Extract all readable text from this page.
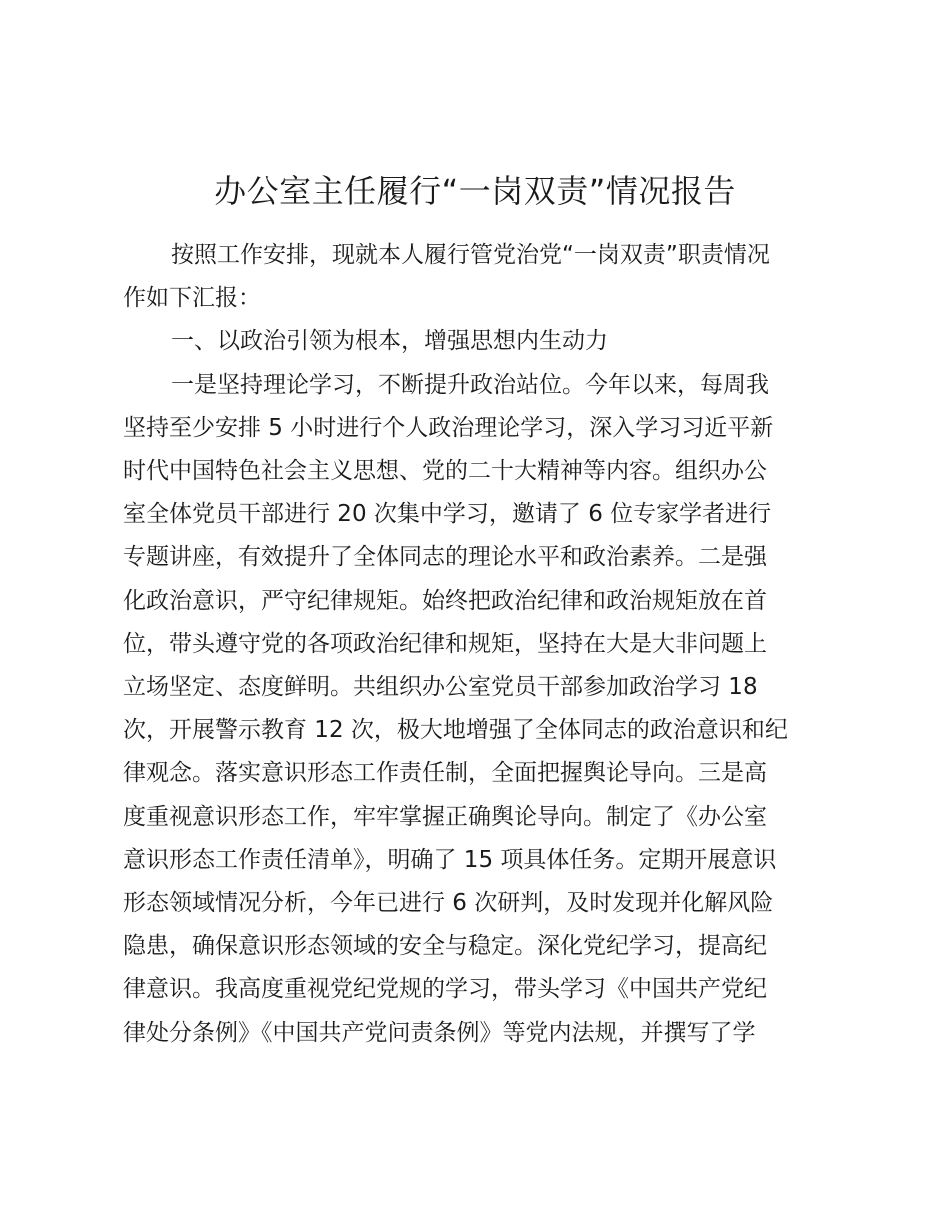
办公室主任履行“一岗双责”情况报告
按照工作安排，现就本人履行管党治党“一岗双责”职责情况
作如下汇报：
一、以政治引领为根本，增强思想内生动力
一是坚持理论学习，不断提升政治站位。今年以来，每周我
坚持至少安排 5 小时进行个人政治理论学习，深入学习习近平新
时代中国特色社会主义思想、党的二十大精神等内容。组织办公
室全体党员干部进行 20 次集中学习，邀请了 6 位专家学者进行
专题讲座，有效提升了全体同志的理论水平和政治素养。二是强
化政治意识，严守纪律规矩。始终把政治纪律和政治规矩放在首
位，带头遵守党的各项政治纪律和规矩，坚持在大是大非问题上
立场坚定、态度鲜明。共组织办公室党员干部参加政治学习 18
次，开展警示教育 12 次，极大地增强了全体同志的政治意识和纪
律观念。落实意识形态工作责任制，全面把握舆论导向。三是高
度重视意识形态工作，牢牢掌握正确舆论导向。制定了《办公室
意识形态工作责任清单》，明确了 15 项具体任务。定期开展意识
形态领域情况分析，今年已进行 6 次研判，及时发现并化解风险
隐患，确保意识形态领域的安全与稳定。深化党纪学习，提高纪
律意识。我高度重视党纪党规的学习，带头学习《中国共产党纪
律处分条例》《中国共产党问责条例》等党内法规，并撰写了学
